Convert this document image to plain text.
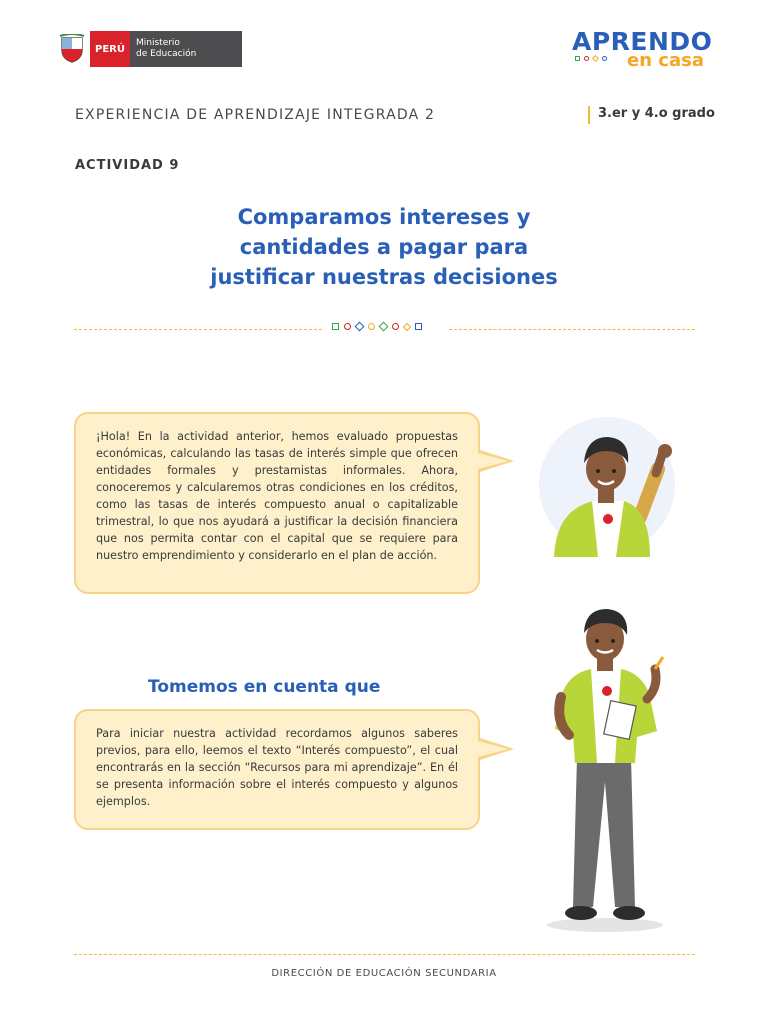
PERÚ
Ministerio
de Educación	APRENDO
en casa
EXPERIENCIA DE APRENDIZAJE INTEGRADA 2	3.er y 4.o grado
ACTIVIDAD 9
Comparamos intereses y
cantidades a pagar para
justificar nuestras decisiones

¡Hola! En la actividad anterior, hemos evaluado propuestas económicas, calculando las tasas de interés simple que ofrecen entidades formales y prestamistas informales. Ahora, conoceremos y calcularemos otras condiciones en los créditos, como las tasas de interés compuesto anual o capitalizable trimestral, lo que nos ayudará a justificar la decisión financiera que nos permita contar con el capital que se requiere para nuestro emprendimiento y considerarlo en el plan de acción.

Tomemos en cuenta que

Para iniciar nuestra actividad recordamos algunos saberes previos, para ello, leemos el texto “Interés compuesto”, el cual encontrarás en la sección “Recursos para mi aprendizaje”. En él se presenta información sobre el interés compuesto y algunos ejemplos.

DIRECCIÓN DE EDUCACIÓN SECUNDARIA
